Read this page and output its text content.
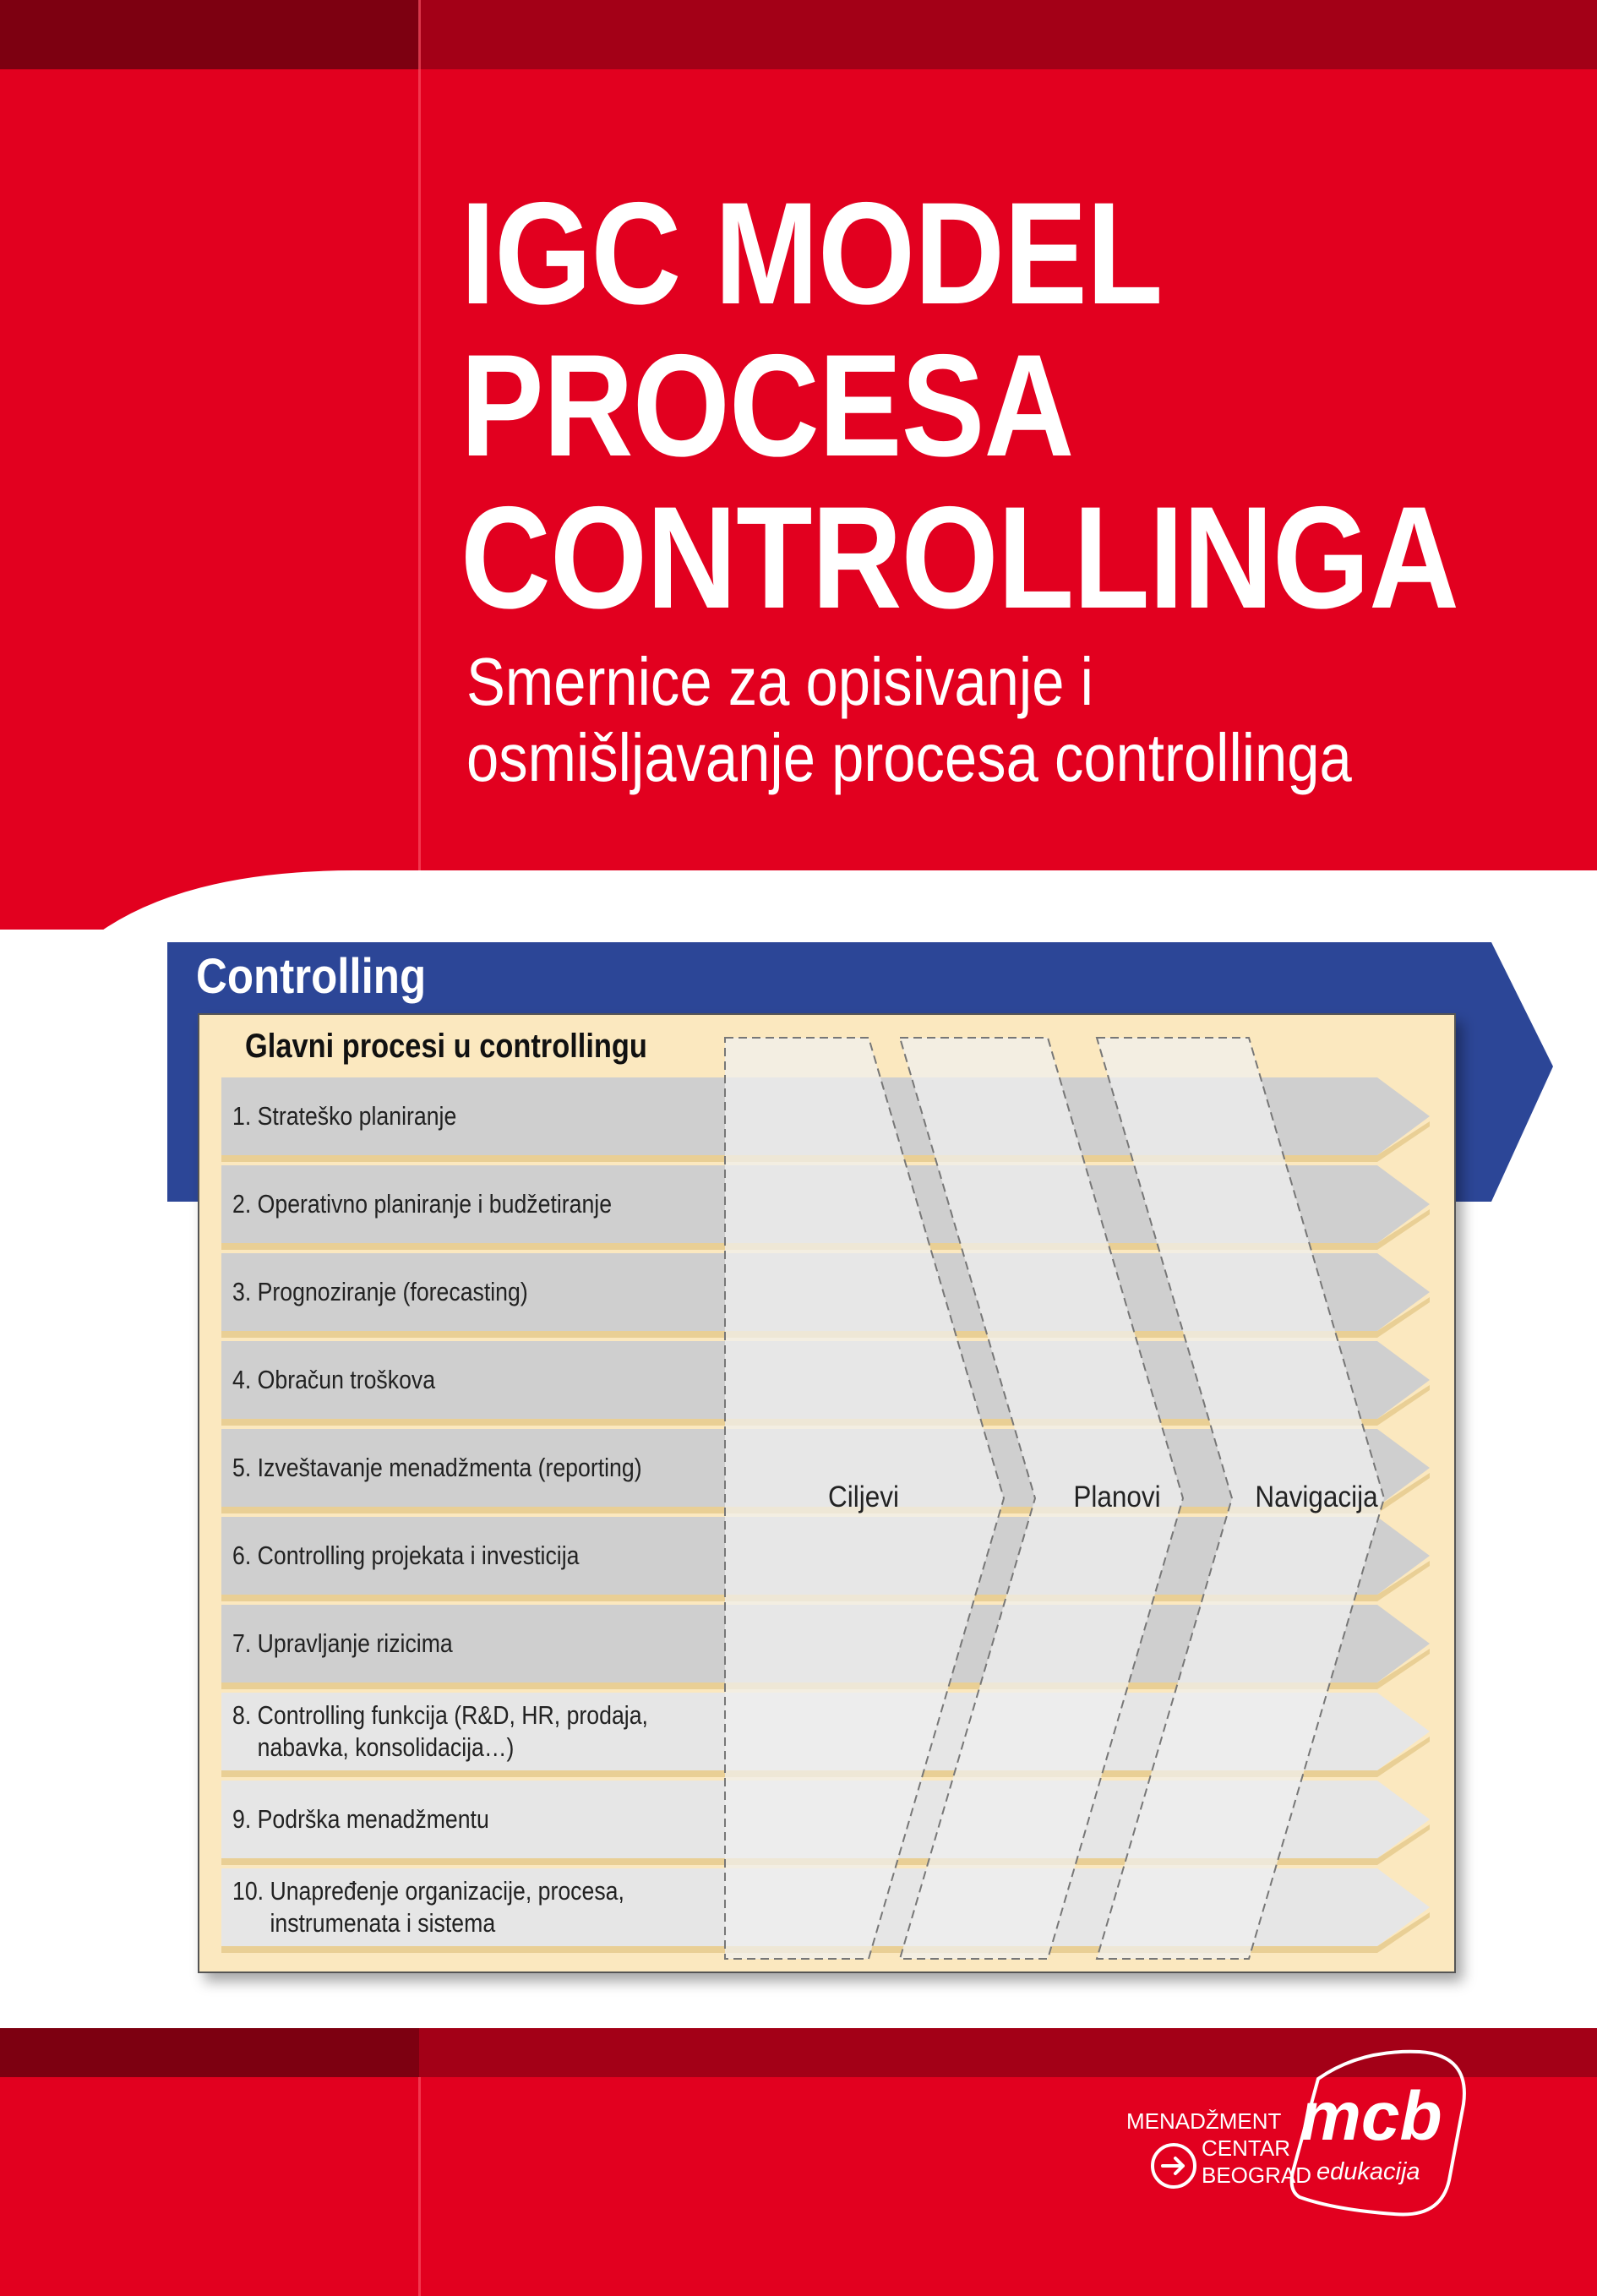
IGC MODEL
PROCESA
CONTROLLINGA
Smernice za opisivanje i
osmišljavanje procesa controllinga
Controlling
Glavni procesi u controllingu
1. Strateško planiranje
2. Operativno planiranje i budžetiranje
3. Prognoziranje (forecasting)
4. Obračun troškova
5. Izveštavanje menadžmenta (reporting)
6. Controlling projekata i investicija
7. Upravljanje rizicima
8. Controlling funkcija (R&D, HR, prodaja,
nabavka, konsolidacija…)
9. Podrška menadžmentu
10. Unapređenje organizacije, procesa,
instrumenata i sistema
Ciljevi	Planovi	Navigacija
MENADŽMENT
CENTAR
BEOGRAD
mcb
edukacija
